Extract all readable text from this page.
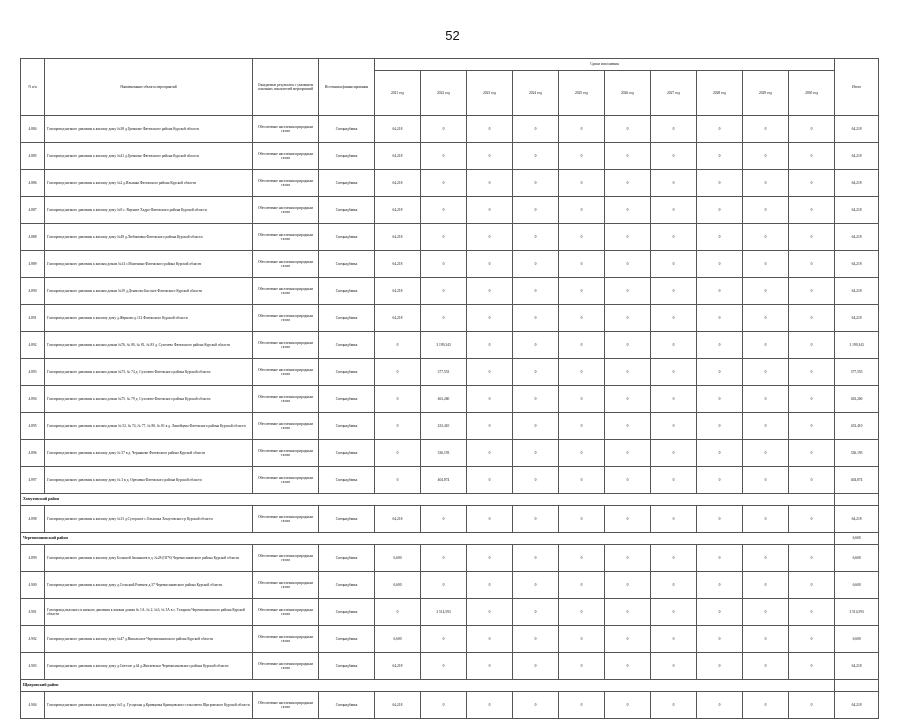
52
N п/п	Наименование объекта мероприятий	Ожидаемые результаты с указанием основных показателей мероприятий	Источники финансирования	Сроки исполнения										Итого
				2021 год	2022 год	2023 год	2024 год	2025 год	2026 год	2027 год	2028 год	2029 год	2030 год	
4.884	Газопровод низкого давления к жилому дому №38 д.Гремячье Фатежского района Курской области	Обеспечение населения природным газом	Спецнадбавка	64,218	0	0	0	0	0	0	0	0	0	64,218
4.885	Газопровод низкого давления к жилому дому №41 д.Гремячье Фатежского района Курской области	Обеспечение населения природным газом	Спецнадбавка	64,218	0	0	0	0	0	0	0	0	0	64,218
4.886	Газопровод низкого давления к жилому дому №2 д.Ильинка Фатежского района Курской области	Обеспечение населения природным газом	Спецнадбавка	64,218	0	0	0	0	0	0	0	0	0	64,218
4.887	Газопровод низкого давления к жилому дому №9 с. Верхнее Хадро Фатежского района Курской области	Обеспечение населения природным газом	Спецнадбавка	64,218	0	0	0	0	0	0	0	0	0	64,218
4.888	Газопровод низкого давления к жилому дому №49 д.Любимовка Фатежского района Курской области	Обеспечение населения природным газом	Спецнадбавка	64,218	0	0	0	0	0	0	0	0	0	64,218
4.889	Газопровод низкого давления к жилым домам №14 с.Миленино Фатежского района Курской области	Обеспечение населения природным газом	Спецнадбавка	64,218	0	0	0	0	0	0	0	0	0	64,218
4.890	Газопровод низкого давления к жилым домам №19 д.Денисово Бисское Фатежского Курской области	Обеспечение населения природным газом	Спецнадбавка	64,218	0	0	0	0	0	0	0	0	0	64,218
4.891	Газопровод низкого давления к жилому дому д.Жерново д.112 Фатежского Курской области	Обеспечение населения природным газом	Спецнадбавка	64,218	0	0	0	0	0	0	0	0	0	64,218
4.892	Газопровод низкого давления к жилым домам №76, № 80, № 81, № 83 д. Сухочево Фатежского района Курской области	Обеспечение населения природным газом	Спецнадбавка	0	3 199,343	0	0	0	0	0	0	0	0	3 199,343
4.893	Газопровод низкого давления к жилым домам №73, № 74 д. Сухочево Фатежского района Курской области	Обеспечение населения природным газом	Спецнадбавка	0	377,553	0	0	0	0	0	0	0	0	377,553
4.894	Газопровод низкого давления к жилым домам №75, № 79 д. Сухочево Фатежского района Курской области	Обеспечение населения природным газом	Спецнадбавка	0	463,260	0	0	0	0	0	0	0	0	463,260
4.895	Газопровод низкого давления к жилым домам № 52, № 74, № 77, № 80, № 81 в д. Линейцево Фатежского района Курской области	Обеспечение населения природным газом	Спецнадбавка	0	433,410	0	0	0	0	0	0	0	0	433,410
4.896	Газопровод низкого давления к жилому дому № 57 в д. Черняково Фатежского района Курской области	Обеспечение населения природным газом	Спецнадбавка	0	336,193	0	0	0	0	0	0	0	0	336,193
4.897	Газопровод низкого давления к жилому дому № 3 в д. Ореховка Фатежского района Курской области	Обеспечение населения природным газом	Спецнадбавка	0	404,874	0	0	0	0	0	0	0	0	404,874
Хомутовский район														
4.898	Газопровод низкого давления к жилому дому №13 д.Сугорское с.Ольховка Хомутовского р Курской области	Обеспечение населения природным газом	Спецнадбавка	64,218	0	0	0	0	0	0	0	0	0	64,218
Черемисиновский район														6,600
4.899	Газопровод низкого давления к жилому дому Большой Звонышев в д. №28 (ОГЧ) Черемисиновского района Курской области	Обеспечение населения природным газом	Спецнадбавка	6,600	0	0	0	0	0	0	0	0	0	6,600
4.900	Газопровод низкого давления к жилому дому д.Сельский Ровенек д.37 Черемисиновского района Курской области	Обеспечение населения природным газом	Спецнадбавка	6,600	0	0	0	0	0	0	0	0	0	6,600
4.901	Газопровод высокого и низкого давления к жилым домам № 1А, № 2, №3, № 3А в с. Татарова Черемисиновского района Курской области	Обеспечение населения природным газом	Спецнадбавка	0	3 514,593	0	0	0	0	0	0	0	0	3 514,593
4.902	Газопровод низкого давления к жилому дому №47 д.Никольское Черемисиновского района Курской области	Обеспечение населения природным газом	Спецнадбавка	6,600	0	0	0	0	0	0	0	0	0	6,600
4.903	Газопровод низкого давления к жилому дому д.Светлое д.44 д.Жигаевское Черемисиновского района Курской области	Обеспечение населения природным газом	Спецнадбавка	64,218	0	0	0	0	0	0	0	0	0	64,218
Щигровский район														
4.904	Газопровод низкого давления к жилому дому №5 д. Гусарская д.Кривцовка Кривцовского сельсовета Щигровского Курской области	Обеспечение населения природным газом	Спецнадбавка	64,218	0	0	0	0	0	0	0	0	0	64,218
